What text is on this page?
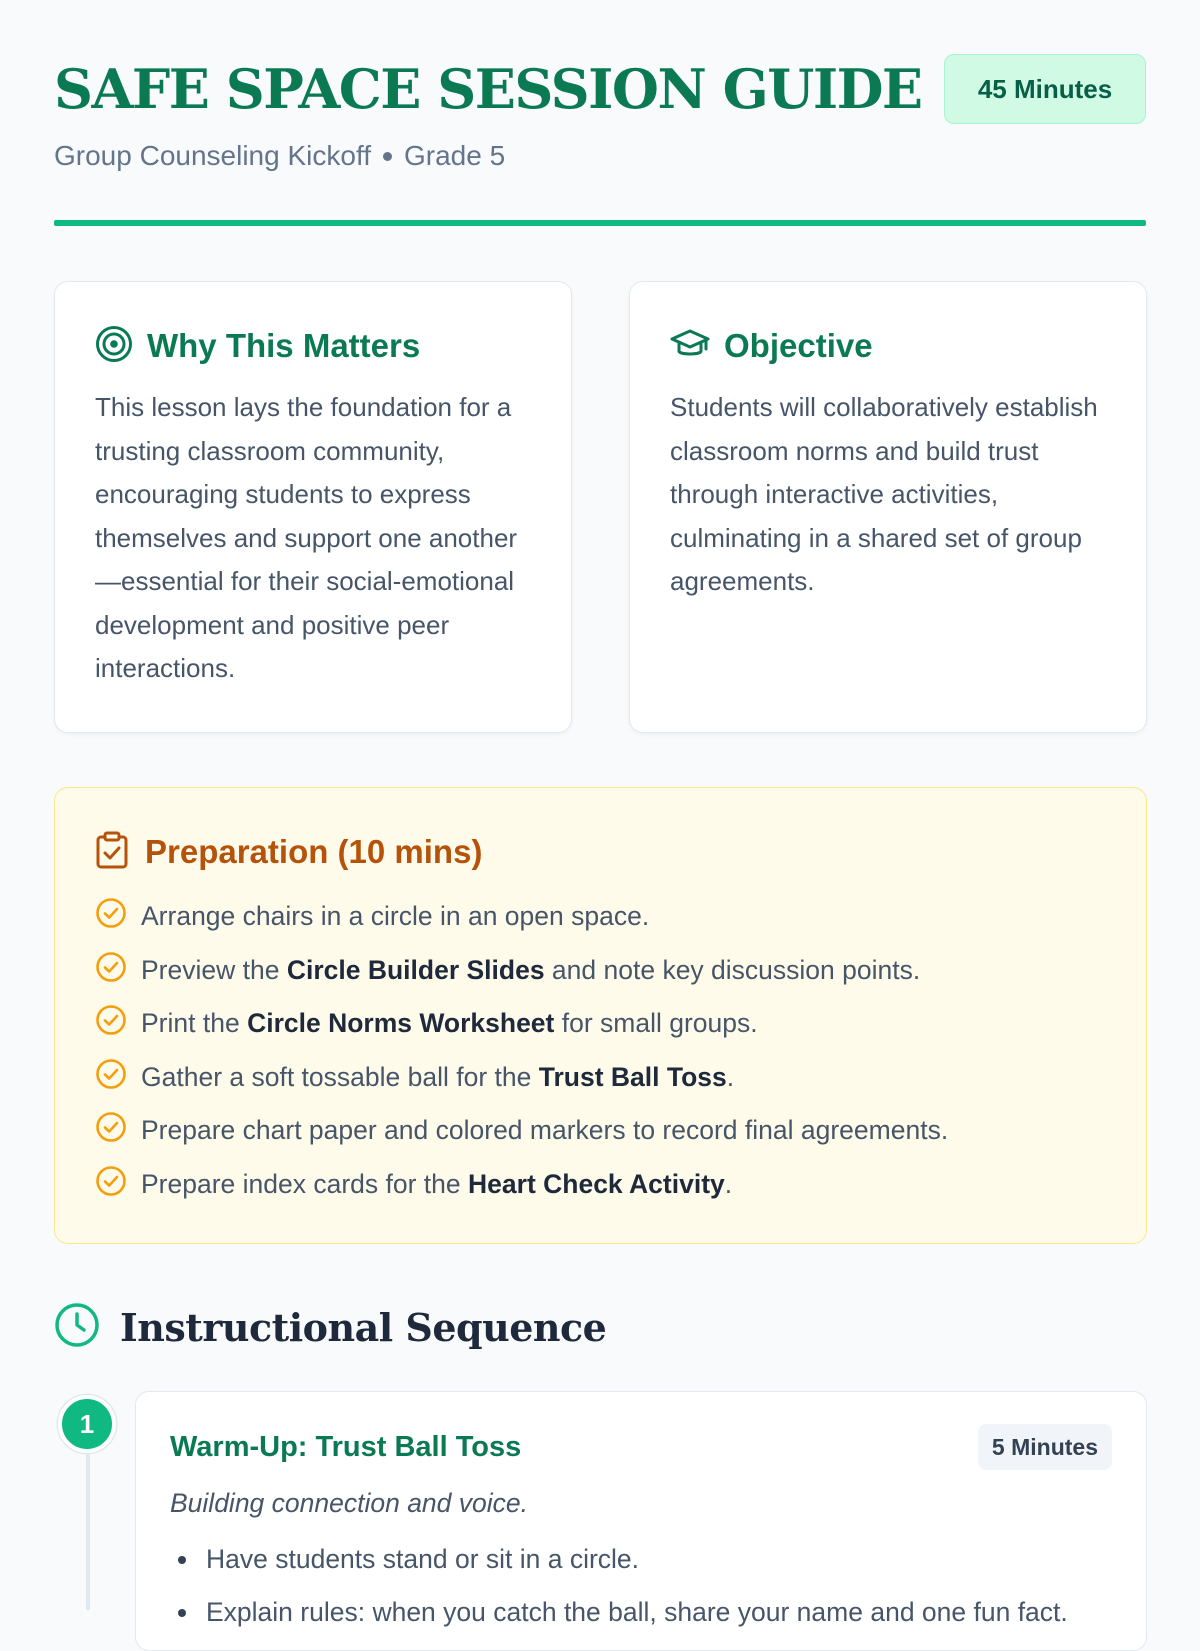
SAFE SPACE SESSION GUIDE
Group Counseling Kickoff Grade 5
45 Minutes
Why This Matters

This lesson lays the foundation for a trusting classroom community, encouraging students to express themselves and support one another—essential for their social-emotional development and positive peer interactions.

Objective

Students will collaboratively establish classroom norms and build trust through interactive activities, culminating in a shared set of group agreements.

Preparation (10 mins)
Arrange chairs in a circle in an open space.
Preview the Circle Builder Slides and note key discussion points.
Print the Circle Norms Worksheet for small groups.
Gather a soft tossable ball for the Trust Ball Toss.
Prepare chart paper and colored markers to record final agreements.
Prepare index cards for the Heart Check Activity.
Instructional Sequence
1
Warm-Up: Trust Ball Toss	5 Minutes

Building connection and voice.

Have students stand or sit in a circle.
Explain rules: when you catch the ball, share your name and one fun fact.
